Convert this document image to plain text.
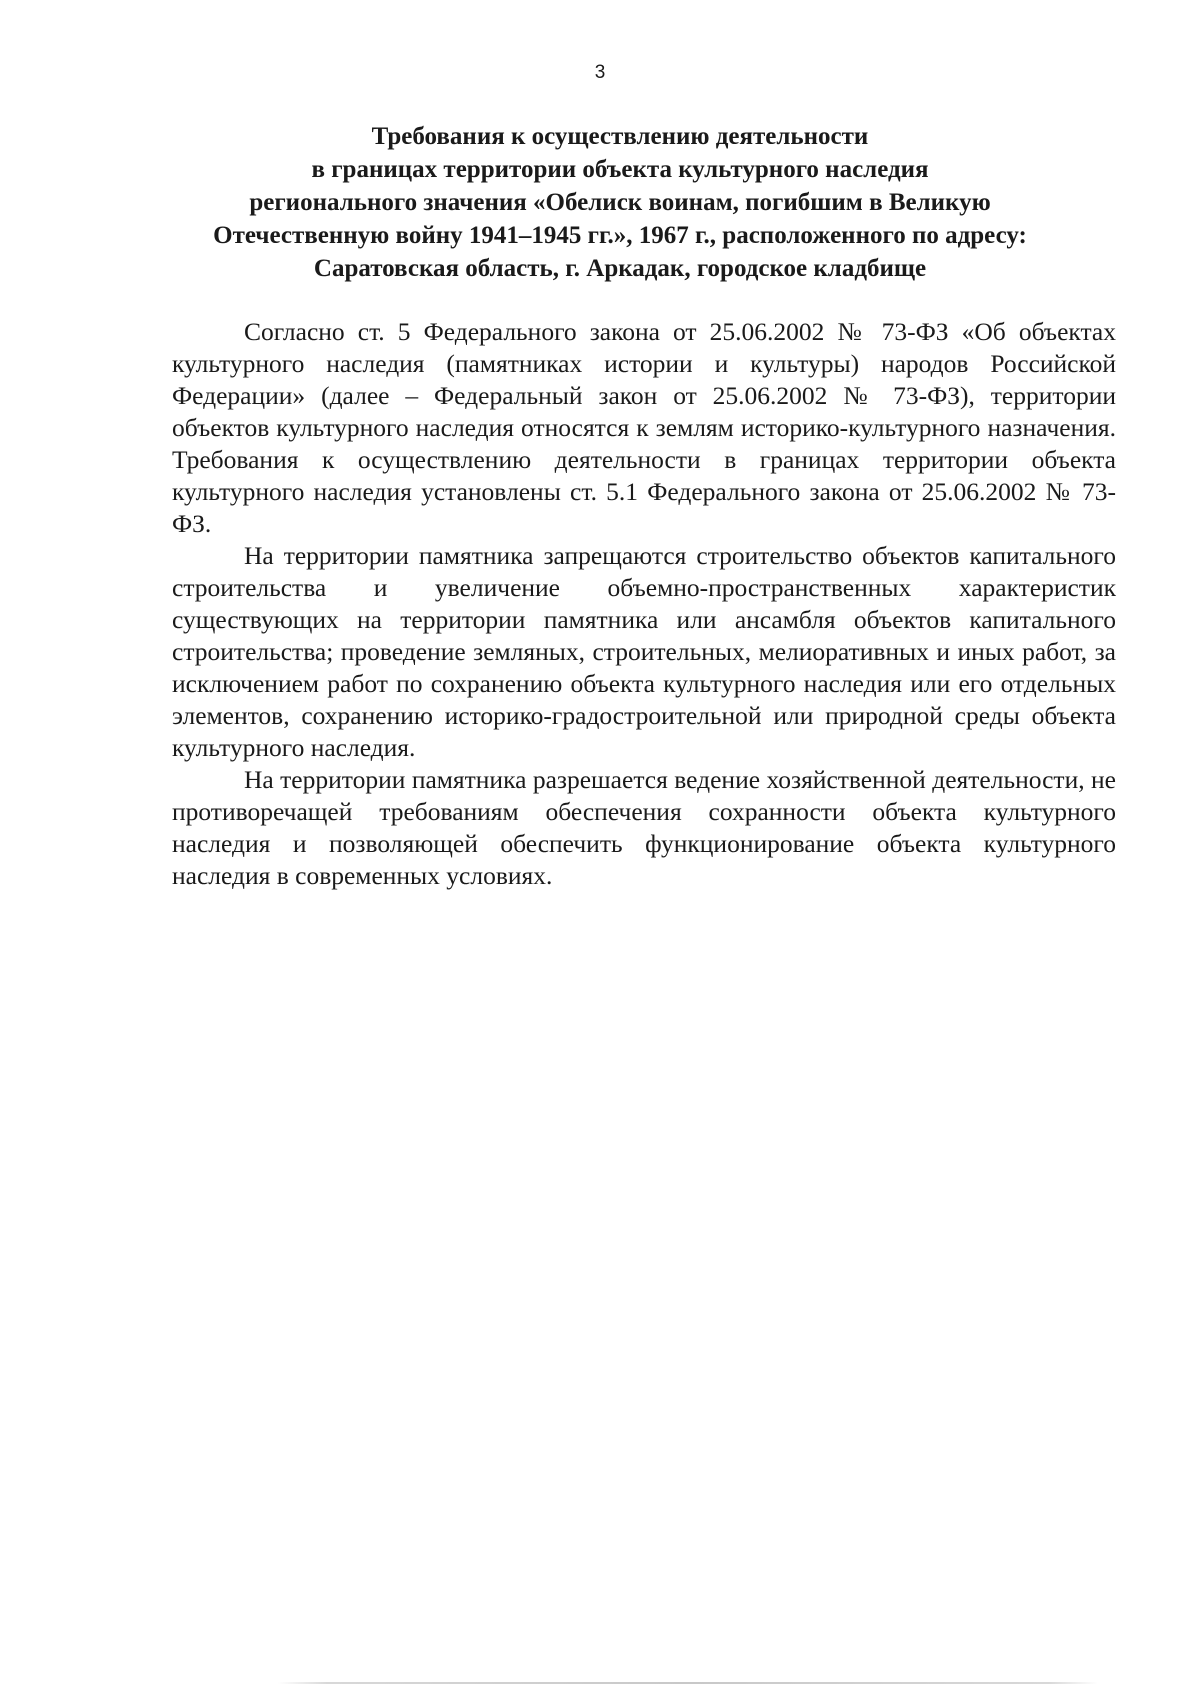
3
Требования к осуществлению деятельности
в границах территории объекта культурного наследия
регионального значения «Обелиск воинам, погибшим в Великую
Отечественную войну 1941–1945 гг.», 1967 г., расположенного по адресу:
Саратовская область, г. Аркадак, городское кладбище

Согласно ст. 5 Федерального закона от 25.06.2002 № 73-ФЗ «Об объектах культурного наследия (памятниках истории и культуры) народов Российской Федерации» (далее – Федеральный закон от 25.06.2002 № 73-ФЗ), территории объектов культурного наследия относятся к землям историко-культурного назначения. Требования к осуществлению деятельности в границах территории объекта культурного наследия установлены ст. 5.1 Федерального закона от 25.06.2002 № 73-ФЗ.

На территории памятника запрещаются строительство объектов капитального строительства и увеличение объемно-пространственных характеристик существующих на территории памятника или ансамбля объектов капитального строительства; проведение земляных, строительных, мелиоративных и иных работ, за исключением работ по сохранению объекта культурного наследия или его отдельных элементов, сохранению историко-градостроительной или природной среды объекта культурного наследия.

На территории памятника разрешается ведение хозяйственной деятельности, не противоречащей требованиям обеспечения сохранности объекта культурного наследия и позволяющей обеспечить функционирование объекта культурного наследия в современных условиях.
